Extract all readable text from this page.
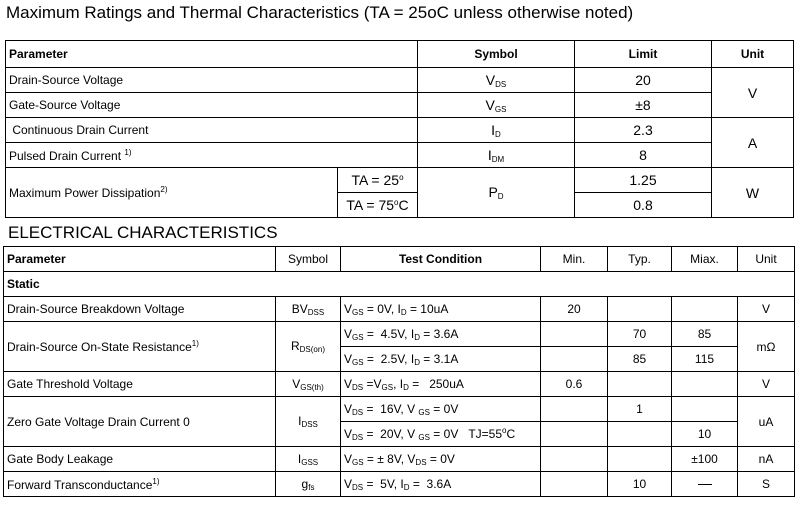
Maximum Ratings and Thermal Characteristics (TA = 25oC unless otherwise noted)
Parameter		Symbol	Limit	Unit
Drain-Source Voltage		$V_{DS}$	20	V
Gate-Source Voltage		$V_{GS}$	±8	
Continuous Drain Current		$I_D$	2.3	A
Pulsed Drain Current $^{1)}$		$I_{DM}$	8	
Maximum Power Dissipation$^{2)}$	TA = $25^o$	$P_D$	1.25	W
	TA = $75^oC$		0.8	
ELECTRICAL CHARACTERISTICS
Parameter	Symbol	Test Condition	Min.	Typ.	Miax.	Unit
Static						
Drain-Source Breakdown Voltage	$BV_{DSS}$	$V_{GS} = 0V$, $I_D = 10uA$	20			V
Drain-Source On-State Resistance$^{1)}$	$R_{DS(on)}$	$V_{GS} = 4.5V$, $I_D = 3.6A$		70	85	mΩ
		$V_{GS} = 2.5V$, $I_D = 3.1A$		85	115	
Gate Threshold Voltage	$V_{GS(th)}$	$V_{DS} =V_{GS}$, $I_D = 250uA$	0.6			V
Zero Gate Voltage Drain Current 0	$I_{DSS}$	$V_{DS} = 16V$, V $_{GS}$ = 0V		1		uA
		$V_{DS} = 20V$, V $_{GS}$ = 0V   $TJ=55^oC$			10	
Gate Body Leakage	$I_{GSS}$	$V_{GS}$ = ± 8V, $V_{DS} = 0V$			±100	nA
Forward Transconductance$^{1)}$	$g_{fs}$	$V_{DS} = 5V$, $I_D = 3.6A$		10		S
